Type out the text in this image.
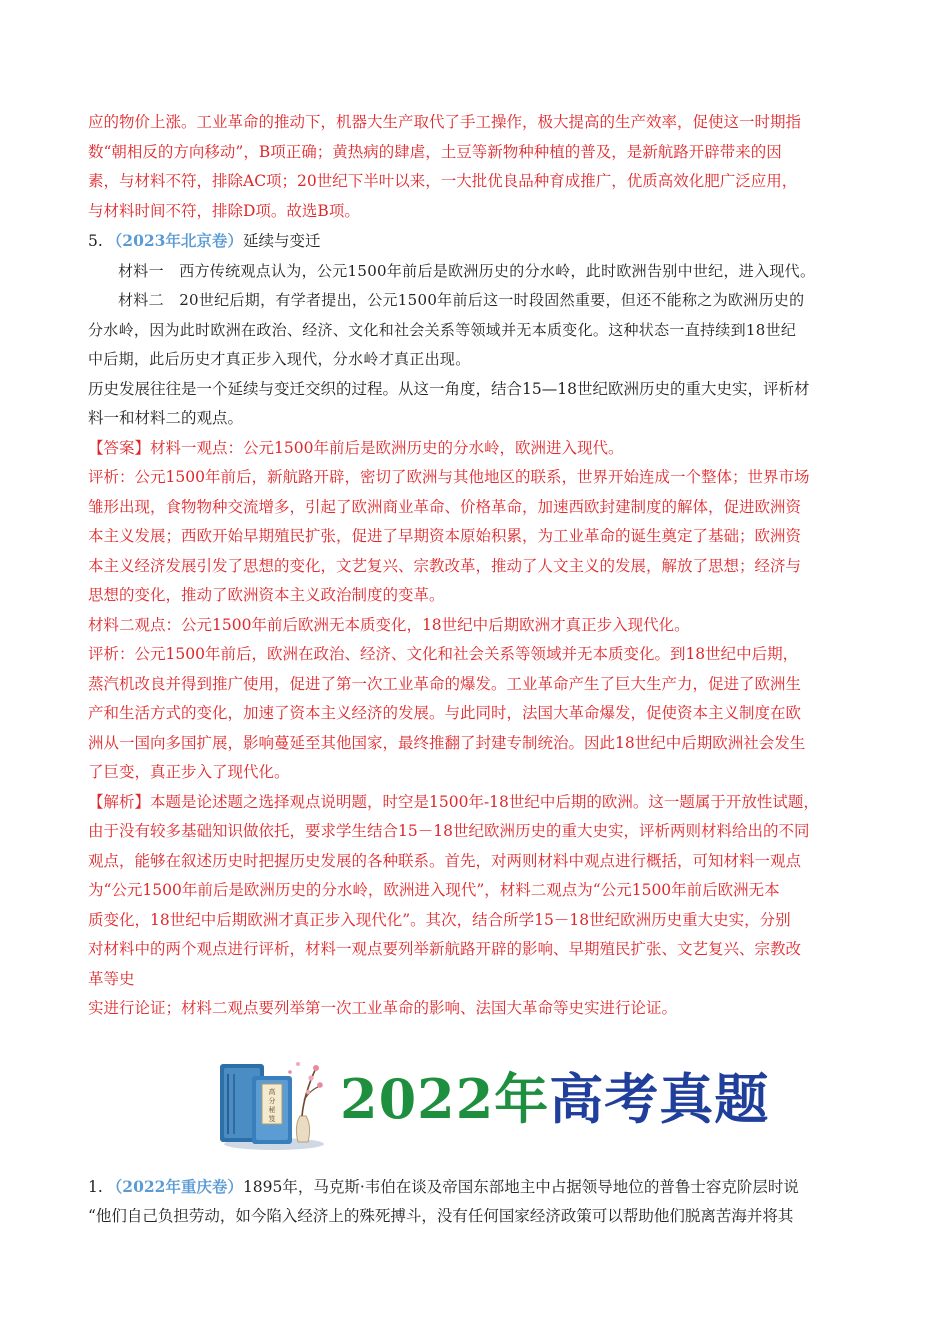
应的物价上涨。工业革命的推动下，机器大生产取代了手工操作，极大提高的生产效率，促使这一时期指

数“朝相反的方向移动”，B项正确；黄热病的肆虐，土豆等新物种种植的普及，是新航路开辟带来的因

素，与材料不符，排除AC项；20世纪下半叶以来，一大批优良品种育成推广，优质高效化肥广泛应用，

与材料时间不符，排除D项。故选B项。

5. （2023年北京卷）延续与变迁

材料一　西方传统观点认为，公元1500年前后是欧洲历史的分水岭，此时欧洲告别中世纪，进入现代。

材料二　20世纪后期，有学者提出，公元1500年前后这一时段固然重要，但还不能称之为欧洲历史的

分水岭，因为此时欧洲在政治、经济、文化和社会关系等领域并无本质变化。这种状态一直持续到18世纪

中后期，此后历史才真正步入现代，分水岭才真正出现。

历史发展往往是一个延续与变迁交织的过程。从这一角度，结合15—18世纪欧洲历史的重大史实，评析材

料一和材料二的观点。

【答案】材料一观点：公元1500年前后是欧洲历史的分水岭，欧洲进入现代。

评析：公元1500年前后，新航路开辟，密切了欧洲与其他地区的联系，世界开始连成一个整体；世界市场

雏形出现，食物物种交流增多，引起了欧洲商业革命、价格革命，加速西欧封建制度的解体，促进欧洲资

本主义发展；西欧开始早期殖民扩张，促进了早期资本原始积累，为工业革命的诞生奠定了基础；欧洲资

本主义经济发展引发了思想的变化，文艺复兴、宗教改革，推动了人文主义的发展，解放了思想；经济与

思想的变化，推动了欧洲资本主义政治制度的变革。

材料二观点：公元1500年前后欧洲无本质变化，18世纪中后期欧洲才真正步入现代化。

评析：公元1500年前后，欧洲在政治、经济、文化和社会关系等领域并无本质变化。到18世纪中后期，

蒸汽机改良并得到推广使用，促进了第一次工业革命的爆发。工业革命产生了巨大生产力，促进了欧洲生

产和生活方式的变化，加速了资本主义经济的发展。与此同时，法国大革命爆发，促使资本主义制度在欧

洲从一国向多国扩展，影响蔓延至其他国家，最终推翻了封建专制统治。因此18世纪中后期欧洲社会发生

了巨变，真正步入了现代化。

【解析】本题是论述题之选择观点说明题，时空是1500年-18世纪中后期的欧洲。这一题属于开放性试题，

由于没有较多基础知识做依托，要求学生结合15－18世纪欧洲历史的重大史实，评析两则材料给出的不同

观点，能够在叙述历史时把握历史发展的各种联系。首先，对两则材料中观点进行概括，可知材料一观点

为“公元1500年前后是欧洲历史的分水岭，欧洲进入现代”，材料二观点为“公元1500年前后欧洲无本

质变化，18世纪中后期欧洲才真正步入现代化”。其次，结合所学15－18世纪欧洲历史重大史实，分别

对材料中的两个观点进行评析，材料一观点要列举新航路开辟的影响、早期殖民扩张、文艺复兴、宗教改

革等史

实进行论证；材料二观点要列举第一次工业革命的影响、法国大革命等史实进行论证。

高
分
秘
笈 2022年高考真题

1. （2022年重庆卷）1895年，马克斯·韦伯在谈及帝国东部地主中占据领导地位的普鲁士容克阶层时说

“他们自己负担劳动，如今陷入经济上的殊死搏斗，没有任何国家经济政策可以帮助他们脱离苦海并将其
